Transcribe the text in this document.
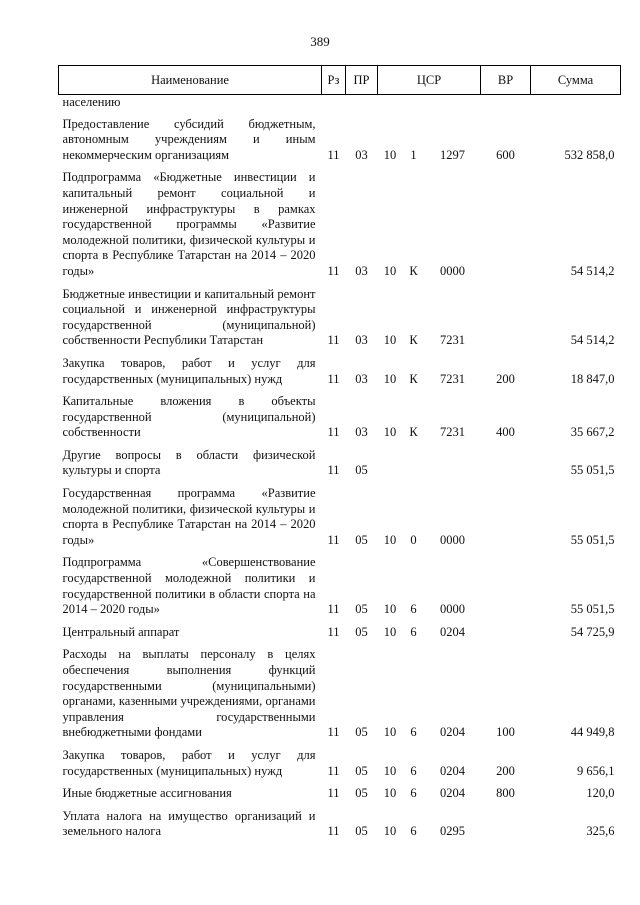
389
Наименование	Рз	ПР	ЦСР			ВР	Сумма
населению							
Предоставление субсидий бюджетным, автономным учреждениям и иным некоммерческим организациям	11	03	10	1	1297	600	532 858,0
Подпрограмма «Бюджетные инвестиции и капитальный ремонт социальной и инженерной инфраструктуры в рамках государственной программы «Развитие молодежной политики, физической культуры и спорта в Республике Татарстан на 2014 – 2020 годы»	11	03	10	К	0000		54 514,2
Бюджетные инвестиции и капитальный ремонт социальной и инженерной инфраструктуры государственной (муниципальной) собственности Республики Татарстан	11	03	10	К	7231		54 514,2
Закупка товаров, работ и услуг для государственных (муниципальных) нужд	11	03	10	К	7231	200	18 847,0
Капитальные вложения в объекты государственной (муниципальной) собственности	11	03	10	К	7231	400	35 667,2
Другие вопросы в области физической культуры и спорта	11	05					55 051,5
Государственная программа «Развитие молодежной политики, физической культуры и спорта в Республике Татарстан на 2014 – 2020 годы»	11	05	10	0	0000		55 051,5
Подпрограмма «Совершенствование государственной молодежной политики и государственной политики в области спорта на 2014 – 2020 годы»	11	05	10	6	0000		55 051,5
Центральный аппарат	11	05	10	6	0204		54 725,9
Расходы на выплаты персоналу в целях обеспечения выполнения функций государственными (муниципальными) органами, казенными учреждениями, органами управления государственными внебюджетными фондами	11	05	10	6	0204	100	44 949,8
Закупка товаров, работ и услуг для государственных (муниципальных) нужд	11	05	10	6	0204	200	9 656,1
Иные бюджетные ассигнования	11	05	10	6	0204	800	120,0
Уплата налога на имущество организаций и земельного налога	11	05	10	6	0295		325,6
